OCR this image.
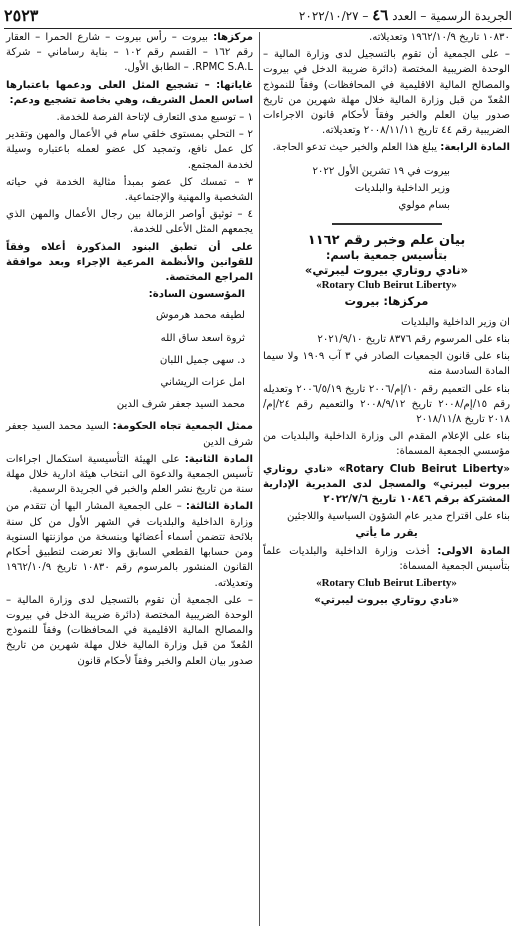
الجريدة الرسمية – العدد ٤٦ – ٢٠٢٢/١٠/٢٧
٢٥٢٣

١٠٨٣٠ تاريخ ١٩٦٢/١٠/٩ وتعديلاته.

– على الجمعية أن تقوم بالتسجيل لدى وزارة المالية – الوحدة الضريبية المختصة (دائرة ضريبة الدخل في بيروت والمصالح المالية الاقليمية في المحافظات) وفقاً للنموذج المُعدّ من قبل وزارة المالية خلال مهلة شهرين من تاريخ صدور بيان العلم والخبر وفقاً لأحكام قانون الاجراءات الضريبية رقم ٤٤ تاريخ ٢٠٠٨/١١/١١ وتعديلاته.

المادة الرابعة: يبلغ هذا العلم والخبر حيث تدعو الحاجة.

بيروت في ١٩ تشرين الأول ٢٠٢٢

وزير الداخلية والبلديات

بسام مولوي

بيان علم وخبر رقم ١١٦٢
بتأسيس جمعية باسم:
«نادي روتاري بيروت ليبرتي»
«Rotary Club Beirut Liberty»
مركزها: بيروت

ان وزير الداخلية والبلديات

بناء على المرسوم رقم ٨٣٧٦ تاريخ ٢٠٢١/٩/١٠

بناء على قانون الجمعيات الصادر في ٣ آب ١٩٠٩ ولا سيما المادة السادسة منه

بناء على التعميم رقم ١٠/إم/٢٠٠٦ تاريخ ٢٠٠٦/٥/١٩ وتعديله رقم ١٥/إم/٢٠٠٨ تاريخ ٢٠٠٨/٩/١٢ والتعميم رقم ٢٤/إم/٢٠١٨ تاريخ ٢٠١٨/١١/٨

بناء على الإعلام المقدم الى وزارة الداخلية والبلديات من مؤسسي الجمعية المسماة:

«Rotary Club Beirut Liberty» «نادي روتاري بيروت ليبرتي» والمسجل لدى المديرية الإدارية المشتركة برقم ١٠٨٤٦ تاريخ ٢٠٢٢/٧/٦

بناء على اقتراح مدير عام الشؤون السياسية واللاجئين

يقرر ما يأتي

المادة الاولى: أخذت وزارة الداخلية والبلديات علماً بتأسيس الجمعية المسماة:

«Rotary Club Beirut Liberty»

«نادي روتاري بيروت ليبرتي»

مركزها: بيروت – رأس بيروت – شارع الحمرا – العقار رقم ١٦٢ – القسم رقم ١٠٢ – بناية رساماني – شركة RPMC S.A.L. – الطابق الأول.

غاياتها: – تشجيع المثل العلى ودعمها باعتبارها اساس العمل الشريف، وهي بخاصة تشجيع ودعم:

١ – توسيع مدى التعارف لإتاحة الفرصة للخدمة.

٢ – التحلي بمستوى خلقي سام في الأعمال والمهن وتقدير كل عمل نافع، وتمجيد كل عضو لعمله باعتباره وسيلة لخدمة المجتمع.

٣ – تمسك كل عضو بمبدأ مثالية الخدمة في حياته الشخصية والمهنية والإجتماعية.

٤ – توثيق أواصر الزمالة بين رجال الأعمال والمهن الذي يجمعهم المثل الأعلى للخدمة.

على أن تطبق البنود المذكورة أعلاه وفقاً للقوانين والأنظمة المرعية الإجراء وبعد موافقة المراجع المختصة.

المؤسسون السادة:

لطيفه محمد هرموش
ثروة اسعد ساق الله
د. سهى جميل اللبان
امل عزات الريشاني
محمد السيد جعفر شرف الدين

ممثل الجمعية تجاه الحكومة: السيد محمد السيد جعفر شرف الدين

المادة الثانية: على الهيئة التأسيسية استكمال اجراءات تأسيس الجمعية والدعوة الى انتخاب هيئة ادارية خلال مهلة سنة من تاريخ نشر العلم والخبر في الجريدة الرسمية.

المادة الثالثة: – على الجمعية المشار اليها أن تتقدم من وزارة الداخلية والبلديات في الشهر الأول من كل سنة بلائحة تتضمن أسماء أعضائها وبنسخة من موازنتها السنوية ومن حسابها القطعي السابق والا تعرضت لتطبيق أحكام القانون المنشور بالمرسوم رقم ١٠٨٣٠ تاريخ ١٩٦٢/١٠/٩ وتعديلاته.

– على الجمعية أن تقوم بالتسجيل لدى وزارة المالية – الوحدة الضريبية المختصة (دائرة ضريبة الدخل في بيروت والمصالح المالية الاقليمية في المحافظات) وفقاً للنموذج المُعدّ من قبل وزارة المالية خلال مهلة شهرين من تاريخ صدور بيان العلم والخبر وفقاً لأحكام قانون
